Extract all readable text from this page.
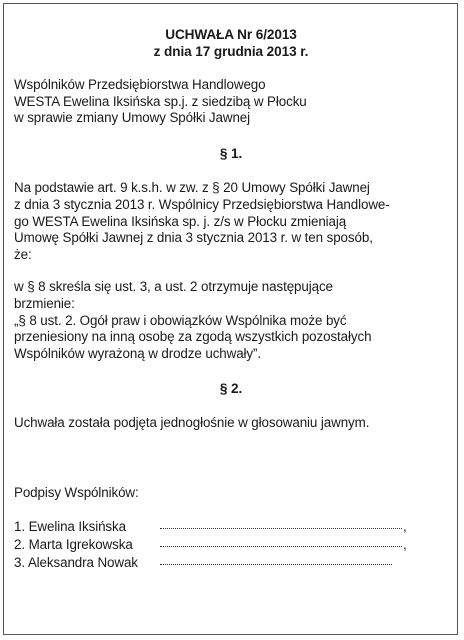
UCHWAŁA Nr 6/2013
z dnia 17 grudnia 2013 r.
Wspólników Przedsiębiorstwa Handlowego
WESTA Ewelina Iksińska sp.j. z siedzibą w Płocku
w sprawie zmiany Umowy Spółki Jawnej
§ 1.
Na podstawie art. 9 k.s.h. w zw. z § 20 Umowy Spółki Jawnej
z dnia 3 stycznia 2013 r. Wspólnicy Przedsiębiorstwa Handlowe-
go WESTA Ewelina Iksińska sp. j. z/s w Płocku zmieniają
Umowę Spółki Jawnej z dnia 3 stycznia 2013 r. w ten sposób,
że:
w § 8 skreśla się ust. 3, a ust. 2 otrzymuje następujące
brzmienie:
„§ 8 ust. 2. Ogół praw i obowiązków Wspólnika może być
przeniesiony na inną osobę za zgodą wszystkich pozostałych
Wspólników wyrażoną w drodze uchwały”.
§ 2.
Uchwała została podjęta jednogłośnie w głosowaniu jawnym.
Podpisy Wspólników:
1. Ewelina Iksińska	,
2. Marta Igrekowska	,
3. Aleksandra Nowak
